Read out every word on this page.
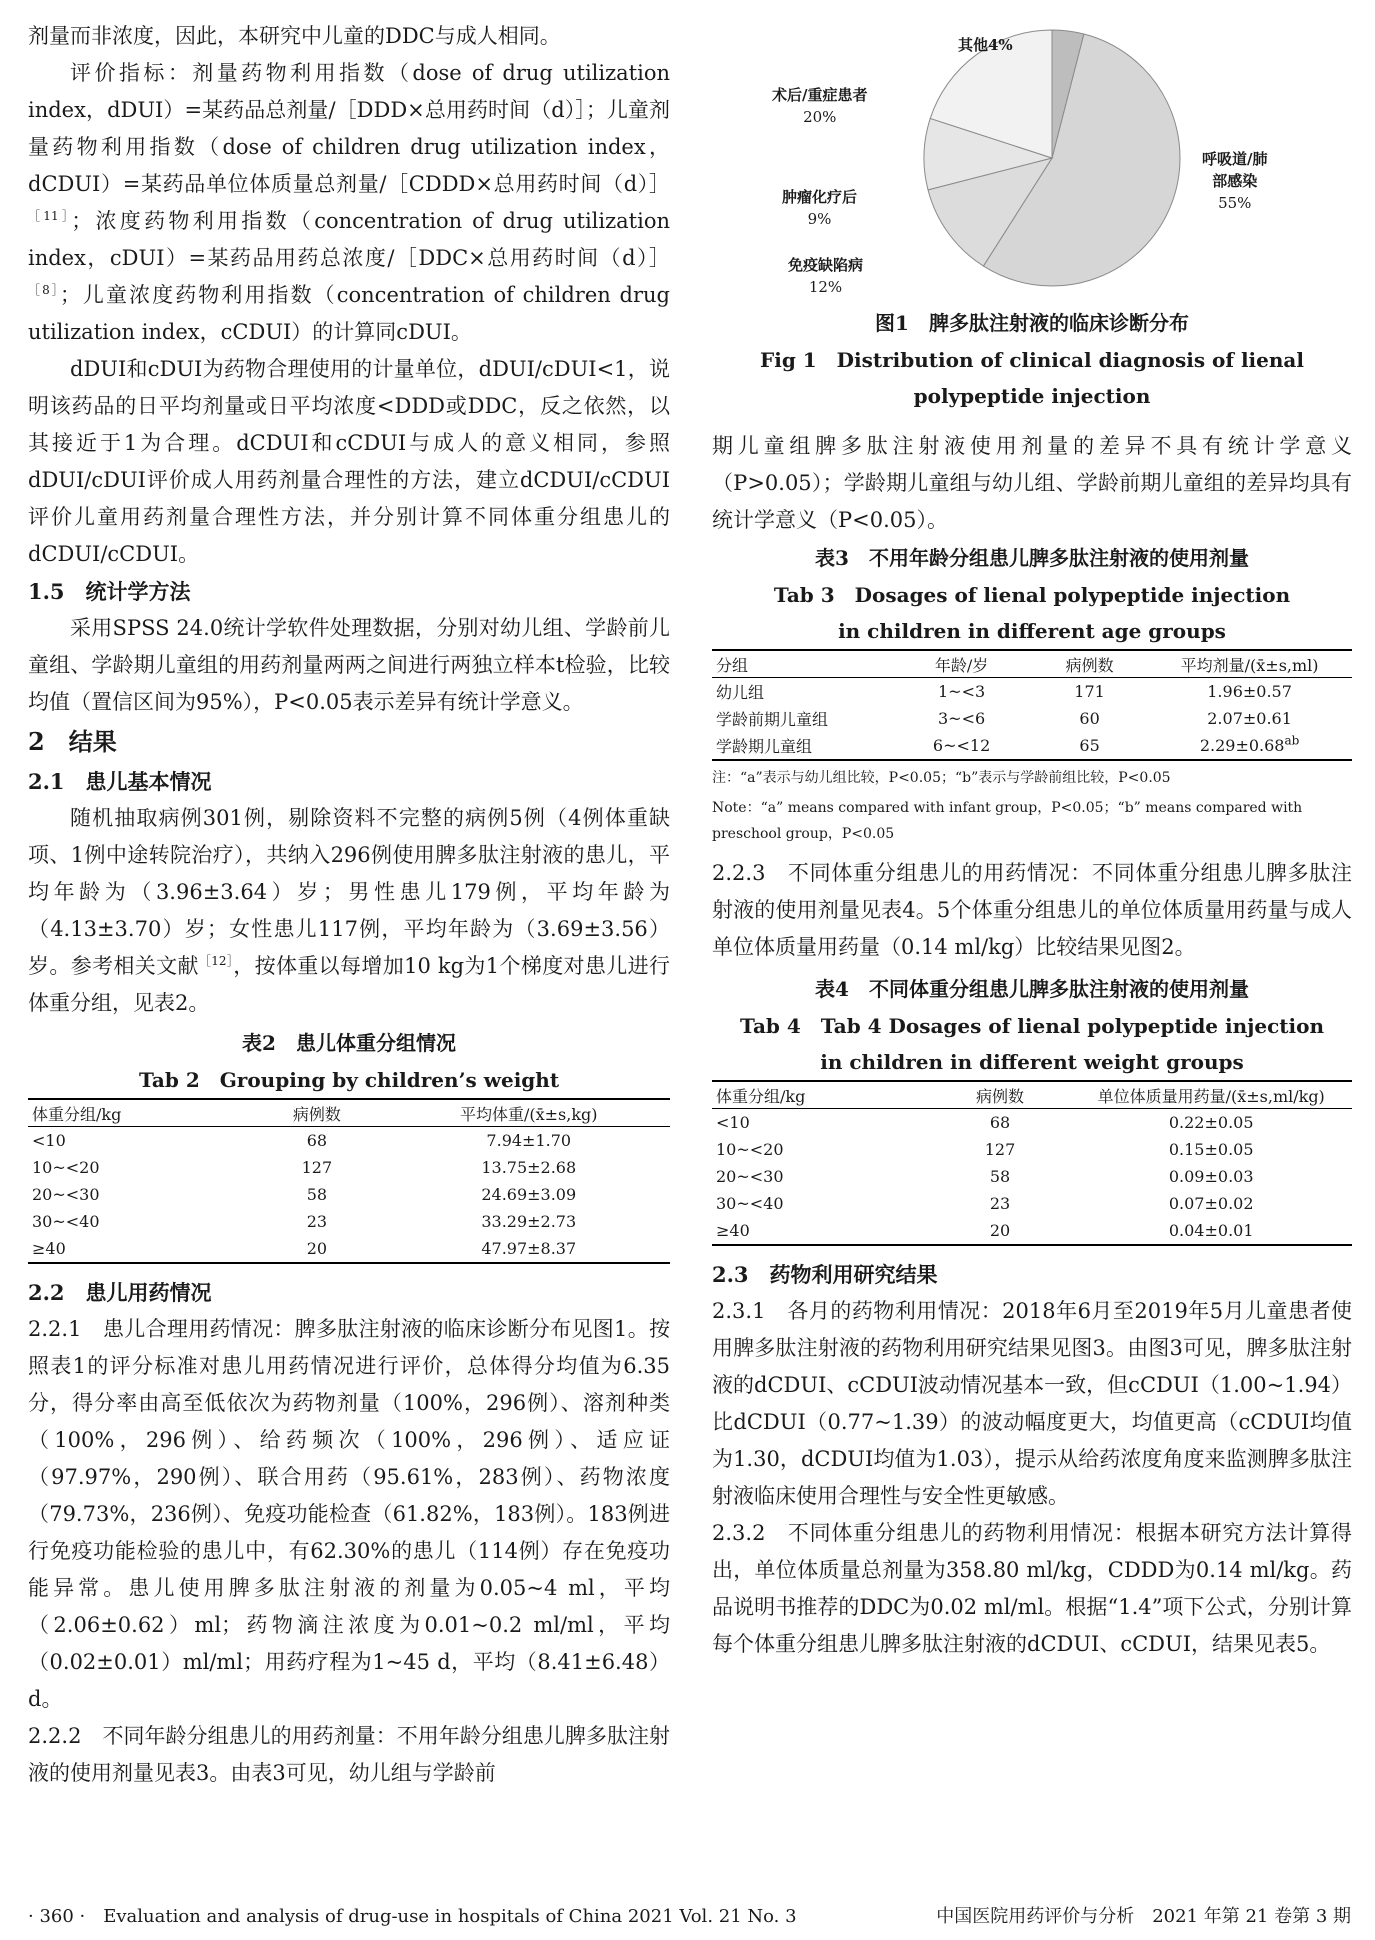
剂量而非浓度，因此，本研究中儿童的DDC与成人相同。

评价指标：剂量药物利用指数（dose of drug utilization index，dDUI）=某药品总剂量/［DDD×总用药时间（d）］；儿童剂量药物利用指数（dose of children drug utilization index，dCDUI）=某药品单位体质量总剂量/［CDDD×总用药时间（d）］$^{[11]}$；浓度药物利用指数（concentration of drug utilization index，cDUI）=某药品用药总浓度/［DDC×总用药时间（d）］$^{[8]}$；儿童浓度药物利用指数（concentration of children drug utilization index，cCDUI）的计算同cDUI。

dDUI和cDUI为药物合理使用的计量单位，dDUI/cDUI<1，说明该药品的日平均剂量或日平均浓度<DDD或DDC，反之依然，以其接近于1为合理。dCDUI和cCDUI与成人的意义相同，参照dDUI/cDUI评价成人用药剂量合理性的方法，建立dCDUI/cCDUI评价儿童用药剂量合理性方法，并分别计算不同体重分组患儿的dCDUI/cCDUI。

1.5　统计学方法

采用SPSS 24.0统计学软件处理数据，分别对幼儿组、学龄前儿童组、学龄期儿童组的用药剂量两两之间进行两独立样本t检验，比较均值（置信区间为95%），P<0.05表示差异有统计学意义。

2　结果
2.1　患儿基本情况

随机抽取病例301例，剔除资料不完整的病例5例（4例体重缺项、1例中途转院治疗），共纳入296例使用脾多肽注射液的患儿，平均年龄为（3.96±3.64）岁；男性患儿179例，平均年龄为（4.13±3.70）岁；女性患儿117例，平均年龄为（3.69±3.56）岁。参考相关文献$^{[12]}$，按体重以每增加10 kg为1个梯度对患儿进行体重分组，见表2。

表2　患儿体重分组情况
Tab 2　Grouping by children’s weight
体重分组/kg	病例数	平均体重/(x̄±s,kg)
<10	68	7.94±1.70
10~<20	127	13.75±2.68
20~<30	58	24.69±3.09
30~<40	23	33.29±2.73
≥40	20	47.97±8.37
2.2　患儿用药情况

2.2.1　患儿合理用药情况：脾多肽注射液的临床诊断分布见图1。按照表1的评分标准对患儿用药情况进行评价，总体得分均值为6.35分，得分率由高至低依次为药物剂量（100%，296例）、溶剂种类（100%，296例）、给药频次（100%，296例）、适应证（97.97%，290例）、联合用药（95.61%，283例）、药物浓度（79.73%，236例）、免疫功能检查（61.82%，183例）。183例进行免疫功能检验的患儿中，有62.30%的患儿（114例）存在免疫功能异常。患儿使用脾多肽注射液的剂量为0.05~4 ml，平均（2.06±0.62）ml；药物滴注浓度为0.01~0.2 ml/ml，平均（0.02±0.01）ml/ml；用药疗程为1~45 d，平均（8.41±6.48）d。

2.2.2　不同年龄分组患儿的用药剂量：不用年龄分组患儿脾多肽注射液的使用剂量见表3。由表3可见，幼儿组与学龄前

其他4%
术后/重症患者
20%
呼吸道/肺
部感染
55%
肿瘤化疗后
9%
免疫缺陷病
12%
图1　脾多肽注射液的临床诊断分布
Fig 1　Distribution of clinical diagnosis of lienal
polypeptide injection

期儿童组脾多肽注射液使用剂量的差异不具有统计学意义（P>0.05）；学龄期儿童组与幼儿组、学龄前期儿童组的差异均具有统计学意义（P<0.05）。

表3　不用年龄分组患儿脾多肽注射液的使用剂量
Tab 3　Dosages of lienal polypeptide injection
in children in different age groups
分组	年龄/岁	病例数	平均剂量/(x̄±s,ml)
幼儿组	1~<3	171	1.96±0.57
学龄前期儿童组	3~<6	60	2.07±0.61
学龄期儿童组	6~<12	65	2.29±0.68$^{ab}$

注：“a”表示与幼儿组比较，P<0.05；“b”表示与学龄前组比较，P<0.05

Note：“a” means compared with infant group，P<0.05；“b” means compared with preschool group，P<0.05

2.2.3　不同体重分组患儿的用药情况：不同体重分组患儿脾多肽注射液的使用剂量见表4。5个体重分组患儿的单位体质量用药量与成人单位体质量用药量（0.14 ml/kg）比较结果见图2。

表4　不同体重分组患儿脾多肽注射液的使用剂量
Tab 4　Tab 4 Dosages of lienal polypeptide injection
in children in different weight groups
体重分组/kg	病例数	单位体质量用药量/(x̄±s,ml/kg)
<10	68	0.22±0.05
10~<20	127	0.15±0.05
20~<30	58	0.09±0.03
30~<40	23	0.07±0.02
≥40	20	0.04±0.01
2.3　药物利用研究结果

2.3.1　各月的药物利用情况：2018年6月至2019年5月儿童患者使用脾多肽注射液的药物利用研究结果见图3。由图3可见，脾多肽注射液的dCDUI、cCDUI波动情况基本一致，但cCDUI（1.00~1.94）比dCDUI（0.77~1.39）的波动幅度更大，均值更高（cCDUI均值为1.30，dCDUI均值为1.03），提示从给药浓度角度来监测脾多肽注射液临床使用合理性与安全性更敏感。

2.3.2　不同体重分组患儿的药物利用情况：根据本研究方法计算得出，单位体质量总剂量为358.80 ml/kg，CDDD为0.14 ml/kg。药品说明书推荐的DDC为0.02 ml/ml。根据“1.4”项下公式，分别计算每个体重分组患儿脾多肽注射液的dCDUI、cCDUI，结果见表5。

· 360 ·　Evaluation and analysis of drug-use in hospitals of China 2021 Vol. 21 No. 3	中国医院用药评价与分析　2021 年第 21 卷第 3 期
